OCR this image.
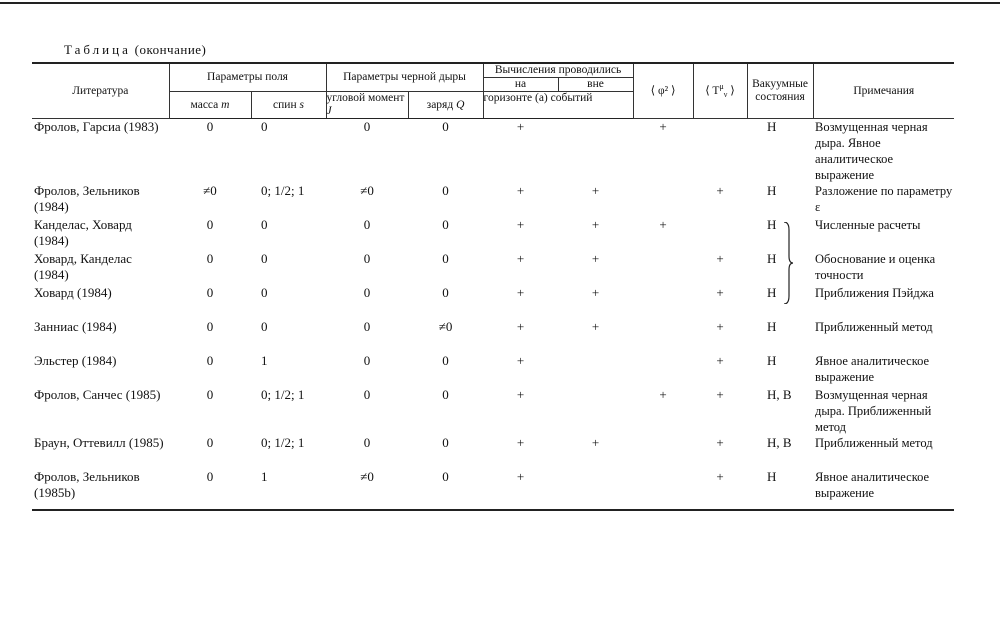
Таблица (окончание)
Литература	Параметры поля		Параметры черной дыры		Вычисления проводились		⟨ φ² ⟩	⟨ $T^\mu_\nu$ ⟩	Вакуумные состояния	Примечания
					на	вне				
	масса m	спин s	угловой момент J	заряд Q	горизонте (а) событий					
Фролов, Гарсиа (1983)	0	0	0	0	+		+		Н	Возмущенная черная дыра. Явное аналитическое выражение
Фролов, Зельников (1984)	≠0	0; 1/2; 1	≠0	0	+	+		+	Н	Разложение по параметру ε
Канделас, Ховард (1984)	0	0	0	0	+	+	+		Н	Численные расчеты
Ховард, Канделас (1984)	0	0	0	0	+	+		+	Н	Обоснование и оценка точности
Ховард (1984)	0	0	0	0	+	+		+	Н	Приближения Пэйджа
Занниас (1984)	0	0	0	≠0	+	+		+	Н	Приближенный метод
Эльстер (1984)	0	1	0	0	+			+	Н	Явное аналитическое выражение
Фролов, Санчес (1985)	0	0; 1/2; 1	0	0	+		+	+	Н, В	Возмущенная черная дыра. Приближенный метод
Браун, Оттевилл (1985)	0	0; 1/2; 1	0	0	+	+		+	Н, В	Приближенный метод
Фролов, Зельников (1985b)	0	1	≠0	0	+			+	Н	Явное аналитическое выражение
